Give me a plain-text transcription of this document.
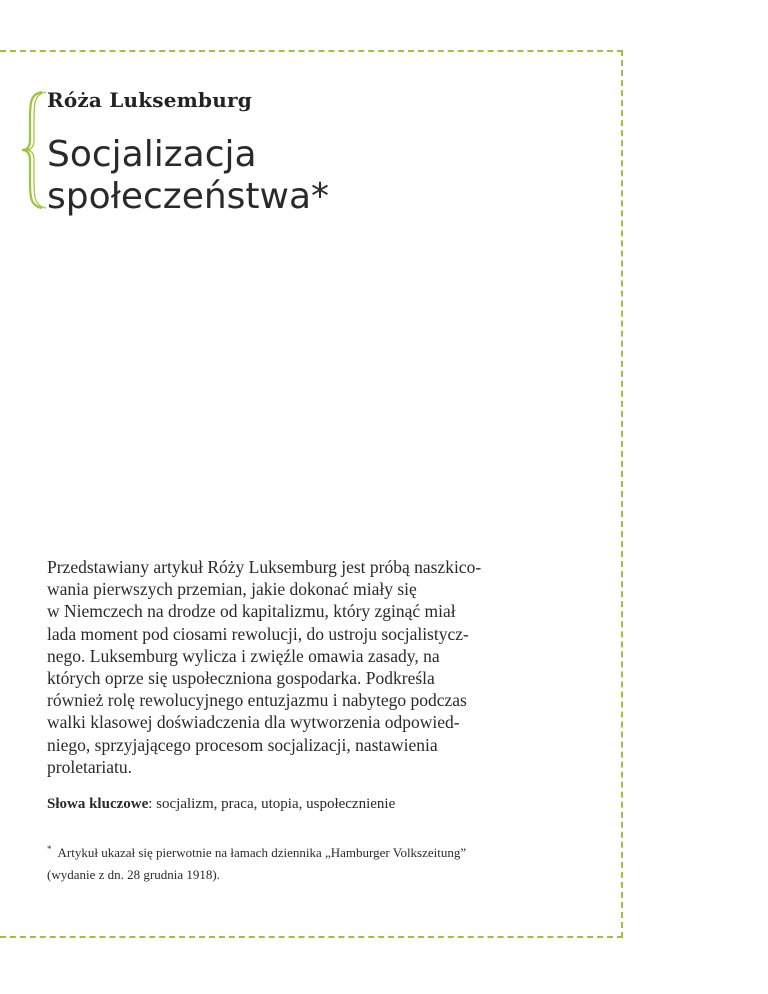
Róża Luksemburg
Socjalizacja
społeczeństwa*
Przedstawiany artykuł Róży Luksemburg jest próbą naszkico-
wania pierwszych przemian, jakie dokonać miały się
w Niemczech na drodze od kapitalizmu, który zginąć miał
lada moment pod ciosami rewolucji, do ustroju socjalistycz-
nego. Luksemburg wylicza i zwięźle omawia zasady, na
których oprze się uspołeczniona gospodarka. Podkreśla
również rolę rewolucyjnego entuzjazmu i nabytego podczas
walki klasowej doświadczenia dla wytworzenia odpowied-
niego, sprzyjającego procesom socjalizacji, nastawienia
proletariatu.
Słowa kluczowe: socjalizm, praca, utopia, uspołecznienie
* Artykuł ukazał się pierwotnie na łamach dziennika „Hamburger Volkszeitung”
(wydanie z dn. 28 grudnia 1918).
